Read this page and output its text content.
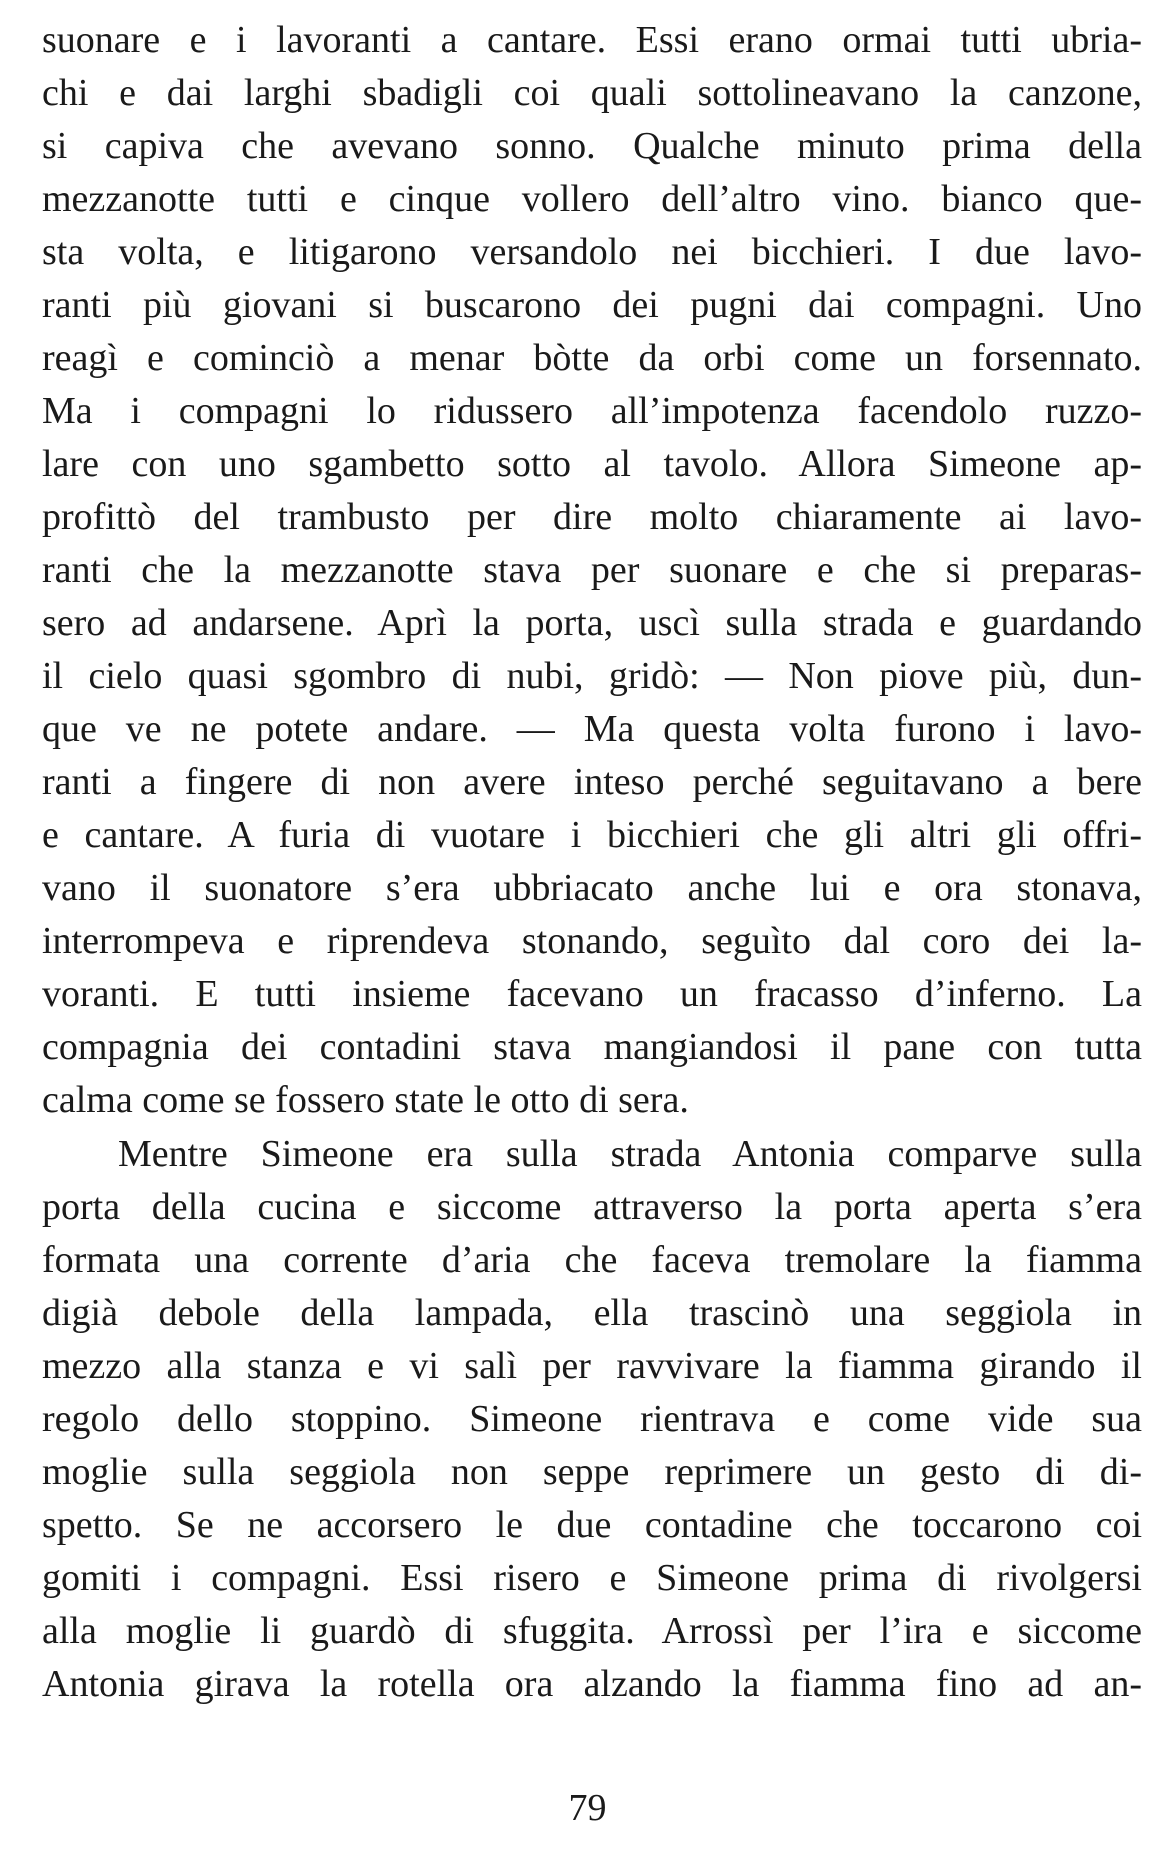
suonare e i lavoranti a cantare. Essi erano ormai tutti ubria-
chi e dai larghi sbadigli coi quali sottolineavano la canzone,
si capiva che avevano sonno. Qualche minuto prima della
mezzanotte tutti e cinque vollero dell’altro vino. bianco que-
sta volta, e litigarono versandolo nei bicchieri. I due lavo-
ranti più giovani si buscarono dei pugni dai compagni. Uno
reagì e cominciò a menar bòtte da orbi come un forsennato.
Ma i compagni lo ridussero all’impotenza facendolo ruzzo-
lare con uno sgambetto sotto al tavolo. Allora Simeone ap-
profittò del trambusto per dire molto chiaramente ai lavo-
ranti che la mezzanotte stava per suonare e che si preparas-
sero ad andarsene. Aprì la porta, uscì sulla strada e guardando
il cielo quasi sgombro di nubi, gridò: — Non piove più, dun-
que ve ne potete andare. — Ma questa volta furono i lavo-
ranti a fingere di non avere inteso perché seguitavano a bere
e cantare. A furia di vuotare i bicchieri che gli altri gli offri-
vano il suonatore s’era ubbriacato anche lui e ora stonava,
interrompeva e riprendeva stonando, seguìto dal coro dei la-
voranti. E tutti insieme facevano un fracasso d’inferno. La
compagnia dei contadini stava mangiandosi il pane con tutta
calma come se fossero state le otto di sera.
Mentre Simeone era sulla strada Antonia comparve sulla
porta della cucina e siccome attraverso la porta aperta s’era
formata una corrente d’aria che faceva tremolare la fiamma
digià debole della lampada, ella trascinò una seggiola in
mezzo alla stanza e vi salì per ravvivare la fiamma girando il
regolo dello stoppino. Simeone rientrava e come vide sua
moglie sulla seggiola non seppe reprimere un gesto di di-
spetto. Se ne accorsero le due contadine che toccarono coi
gomiti i compagni. Essi risero e Simeone prima di rivolgersi
alla moglie li guardò di sfuggita. Arrossì per l’ira e siccome
Antonia girava la rotella ora alzando la fiamma fino ad an-
79
